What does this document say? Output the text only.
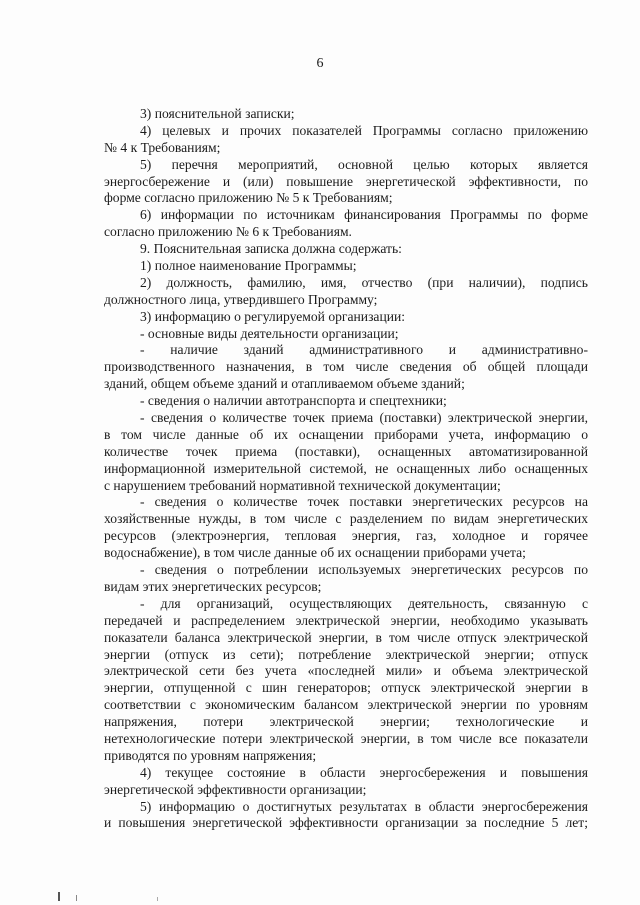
6
3) пояснительной записки;
4) целевых и прочих показателей Программы согласно приложению
№ 4 к Требованиям;
5) перечня мероприятий, основной целью которых является
энергосбережение и (или) повышение энергетической эффективности, по
форме согласно приложению № 5 к Требованиям;
6) информации по источникам финансирования Программы по форме
согласно приложению № 6 к Требованиям.
9. Пояснительная записка должна содержать:
1) полное наименование Программы;
2) должность, фамилию, имя, отчество (при наличии), подпись
должностного лица, утвердившего Программу;
3) информацию о регулируемой организации:
- основные виды деятельности организации;
- наличие зданий административного и административно-
производственного назначения, в том числе сведения об общей площади
зданий, общем объеме зданий и отапливаемом объеме зданий;
- сведения о наличии автотранспорта и спецтехники;
- сведения о количестве точек приема (поставки) электрической энергии,
в том числе данные об их оснащении приборами учета, информацию о
количестве точек приема (поставки), оснащенных автоматизированной
информационной измерительной системой, не оснащенных либо оснащенных
с нарушением требований нормативной технической документации;
- сведения о количестве точек поставки энергетических ресурсов на
хозяйственные нужды, в том числе с разделением по видам энергетических
ресурсов (электроэнергия, тепловая энергия, газ, холодное и горячее
водоснабжение), в том числе данные об их оснащении приборами учета;
- сведения о потреблении используемых энергетических ресурсов по
видам этих энергетических ресурсов;
- для организаций, осуществляющих деятельность, связанную с
передачей и распределением электрической энергии, необходимо указывать
показатели баланса электрической энергии, в том числе отпуск электрической
энергии (отпуск из сети); потребление электрической энергии; отпуск
электрической сети без учета «последней мили» и объема электрической
энергии, отпущенной с шин генераторов; отпуск электрической энергии в
соответствии с экономическим балансом электрической энергии по уровням
напряжения, потери электрической энергии; технологические и
нетехнологические потери электрической энергии, в том числе все показатели
приводятся по уровням напряжения;
4) текущее состояние в области энергосбережения и повышения
энергетической эффективности организации;
5) информацию о достигнутых результатах в области энергосбережения
и повышения энергетической эффективности организации за последние 5 лет;
